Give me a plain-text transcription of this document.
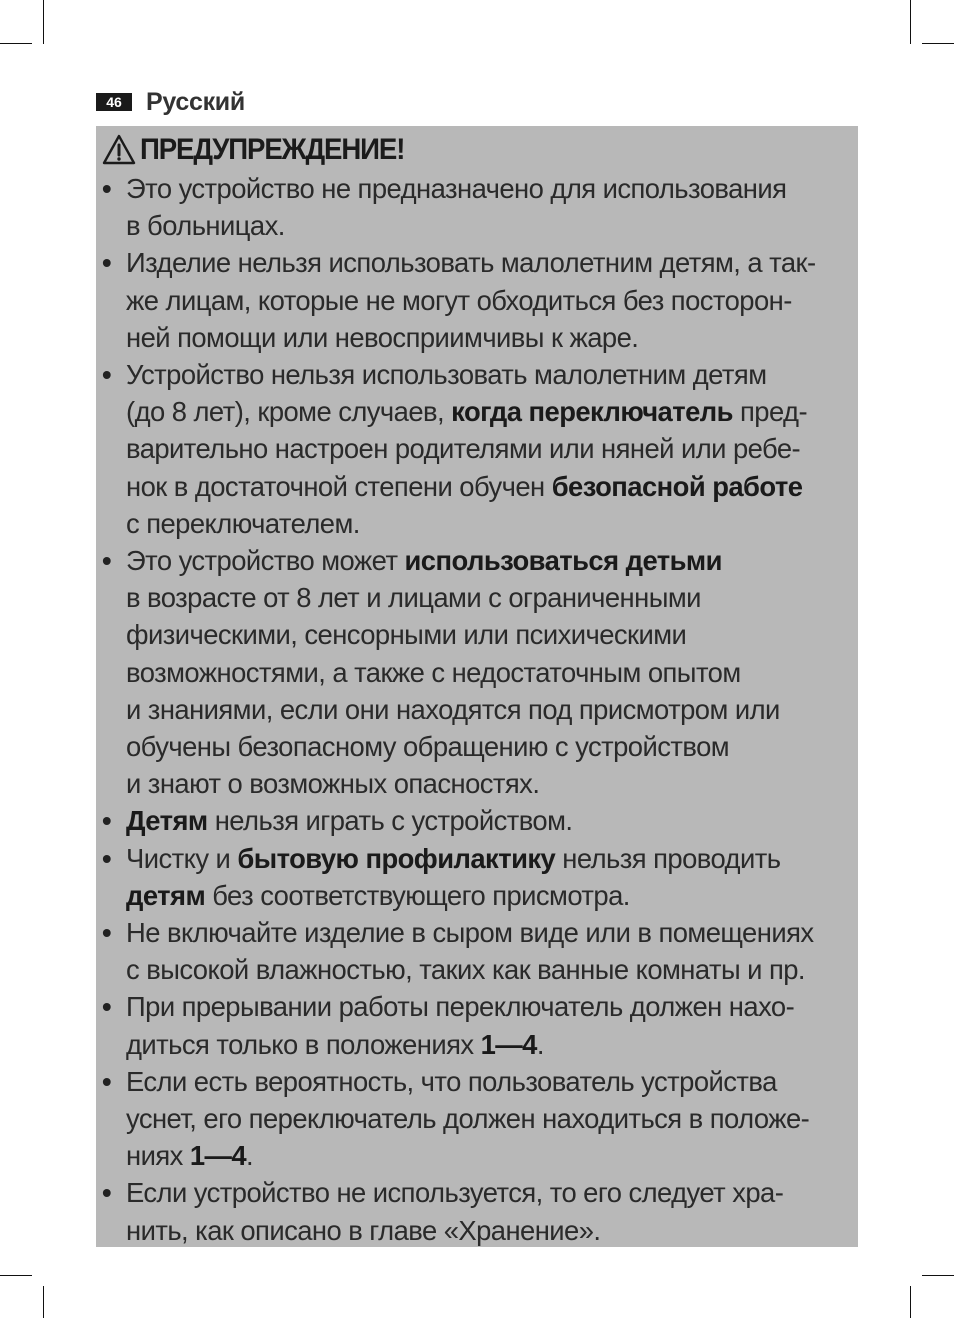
46 Русский
ПРЕДУПРЕЖДЕНИЕ!
• Это устройство не предназначено для использования
в больницах.
• Изделие нельзя использовать малолетним детям, а так-
же лицам, которые не могут обходиться без посторон-
ней помощи или невосприимчивы к жаре.
• Устройство нельзя использовать малолетним детям
(до 8 лет), кроме случаев, когда переключатель пред-
варительно настроен родителями или няней или ребе-
нок в достаточной степени обучен безопасной работе
с переключателем.
• Это устройство может использоваться детьми
в возрасте от 8 лет и лицами с ограниченными
физическими, сенсорными или психическими
возможностями, а также с недостаточным опытом
и знаниями, если они находятся под присмотром или
обучены безопасному обращению с устройством
и знают о возможных опасностях.
• Детям нельзя играть с устройством.
• Чистку и бытовую профилактику нельзя проводить
детям без соответствующего присмотра.
• Не включайте изделие в сыром виде или в помещениях
с высокой влажностью, таких как ванные комнаты и пр.
• При прерывании работы переключатель должен нахо-
диться только в положениях 1—4.
• Если есть вероятность, что пользователь устройства
уснет, его переключатель должен находиться в положе-
ниях 1—4.
• Если устройство не используется, то его следует хра-
нить, как описано в главе «Хранение».
